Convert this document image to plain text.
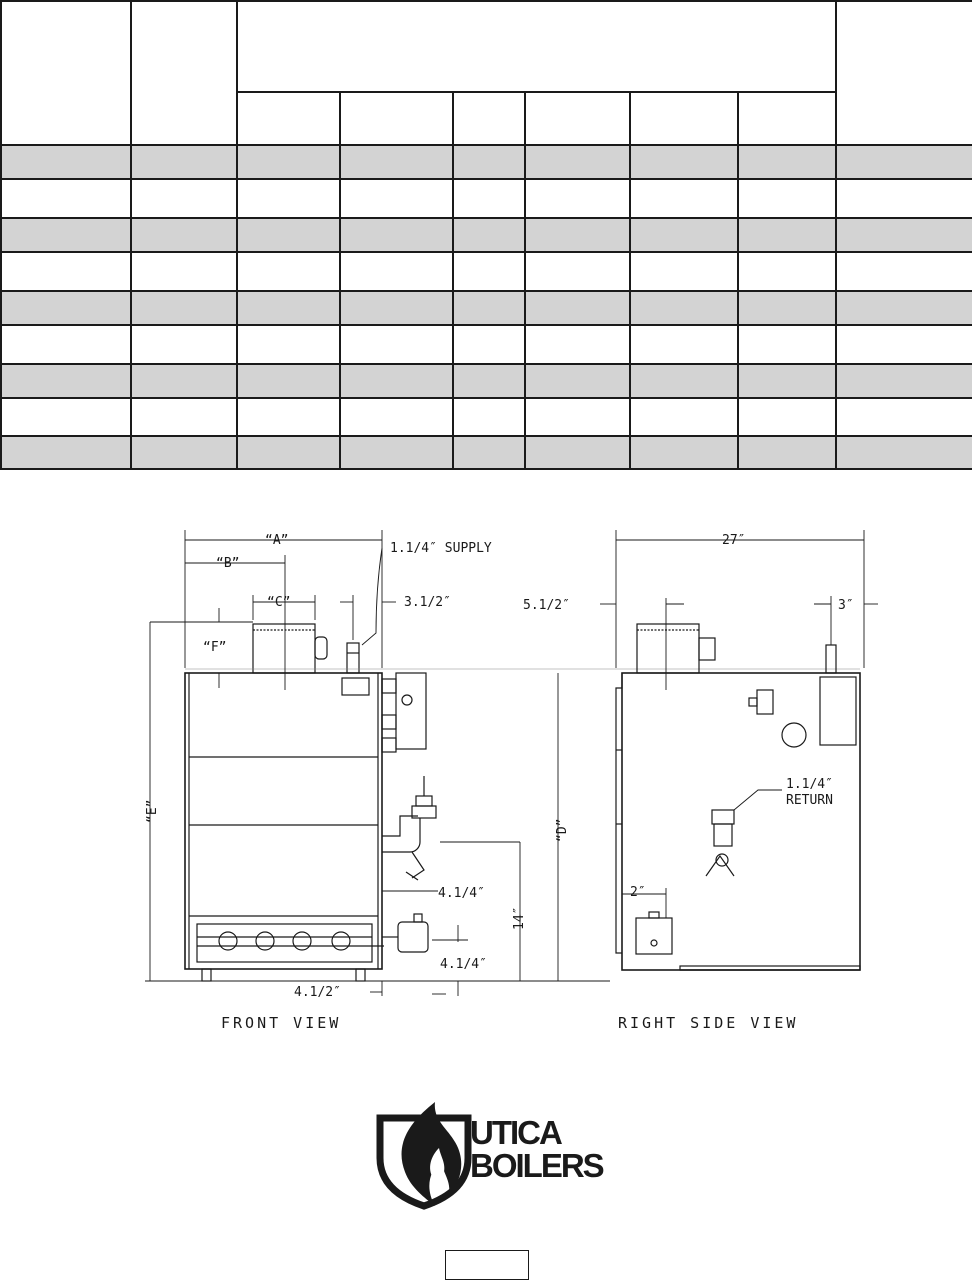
“A”
“B”
“C”
“F”
1.1/4″ SUPPLY
3.1/2″
“E”
“D”
14″
4.1/4″
4.1/4″
4.1/2″
FRONT VIEW
27″
5.1/2″	3″
1.1/4″
RETURN
2″
RIGHT SIDE VIEW
UTICA
BOILERS
